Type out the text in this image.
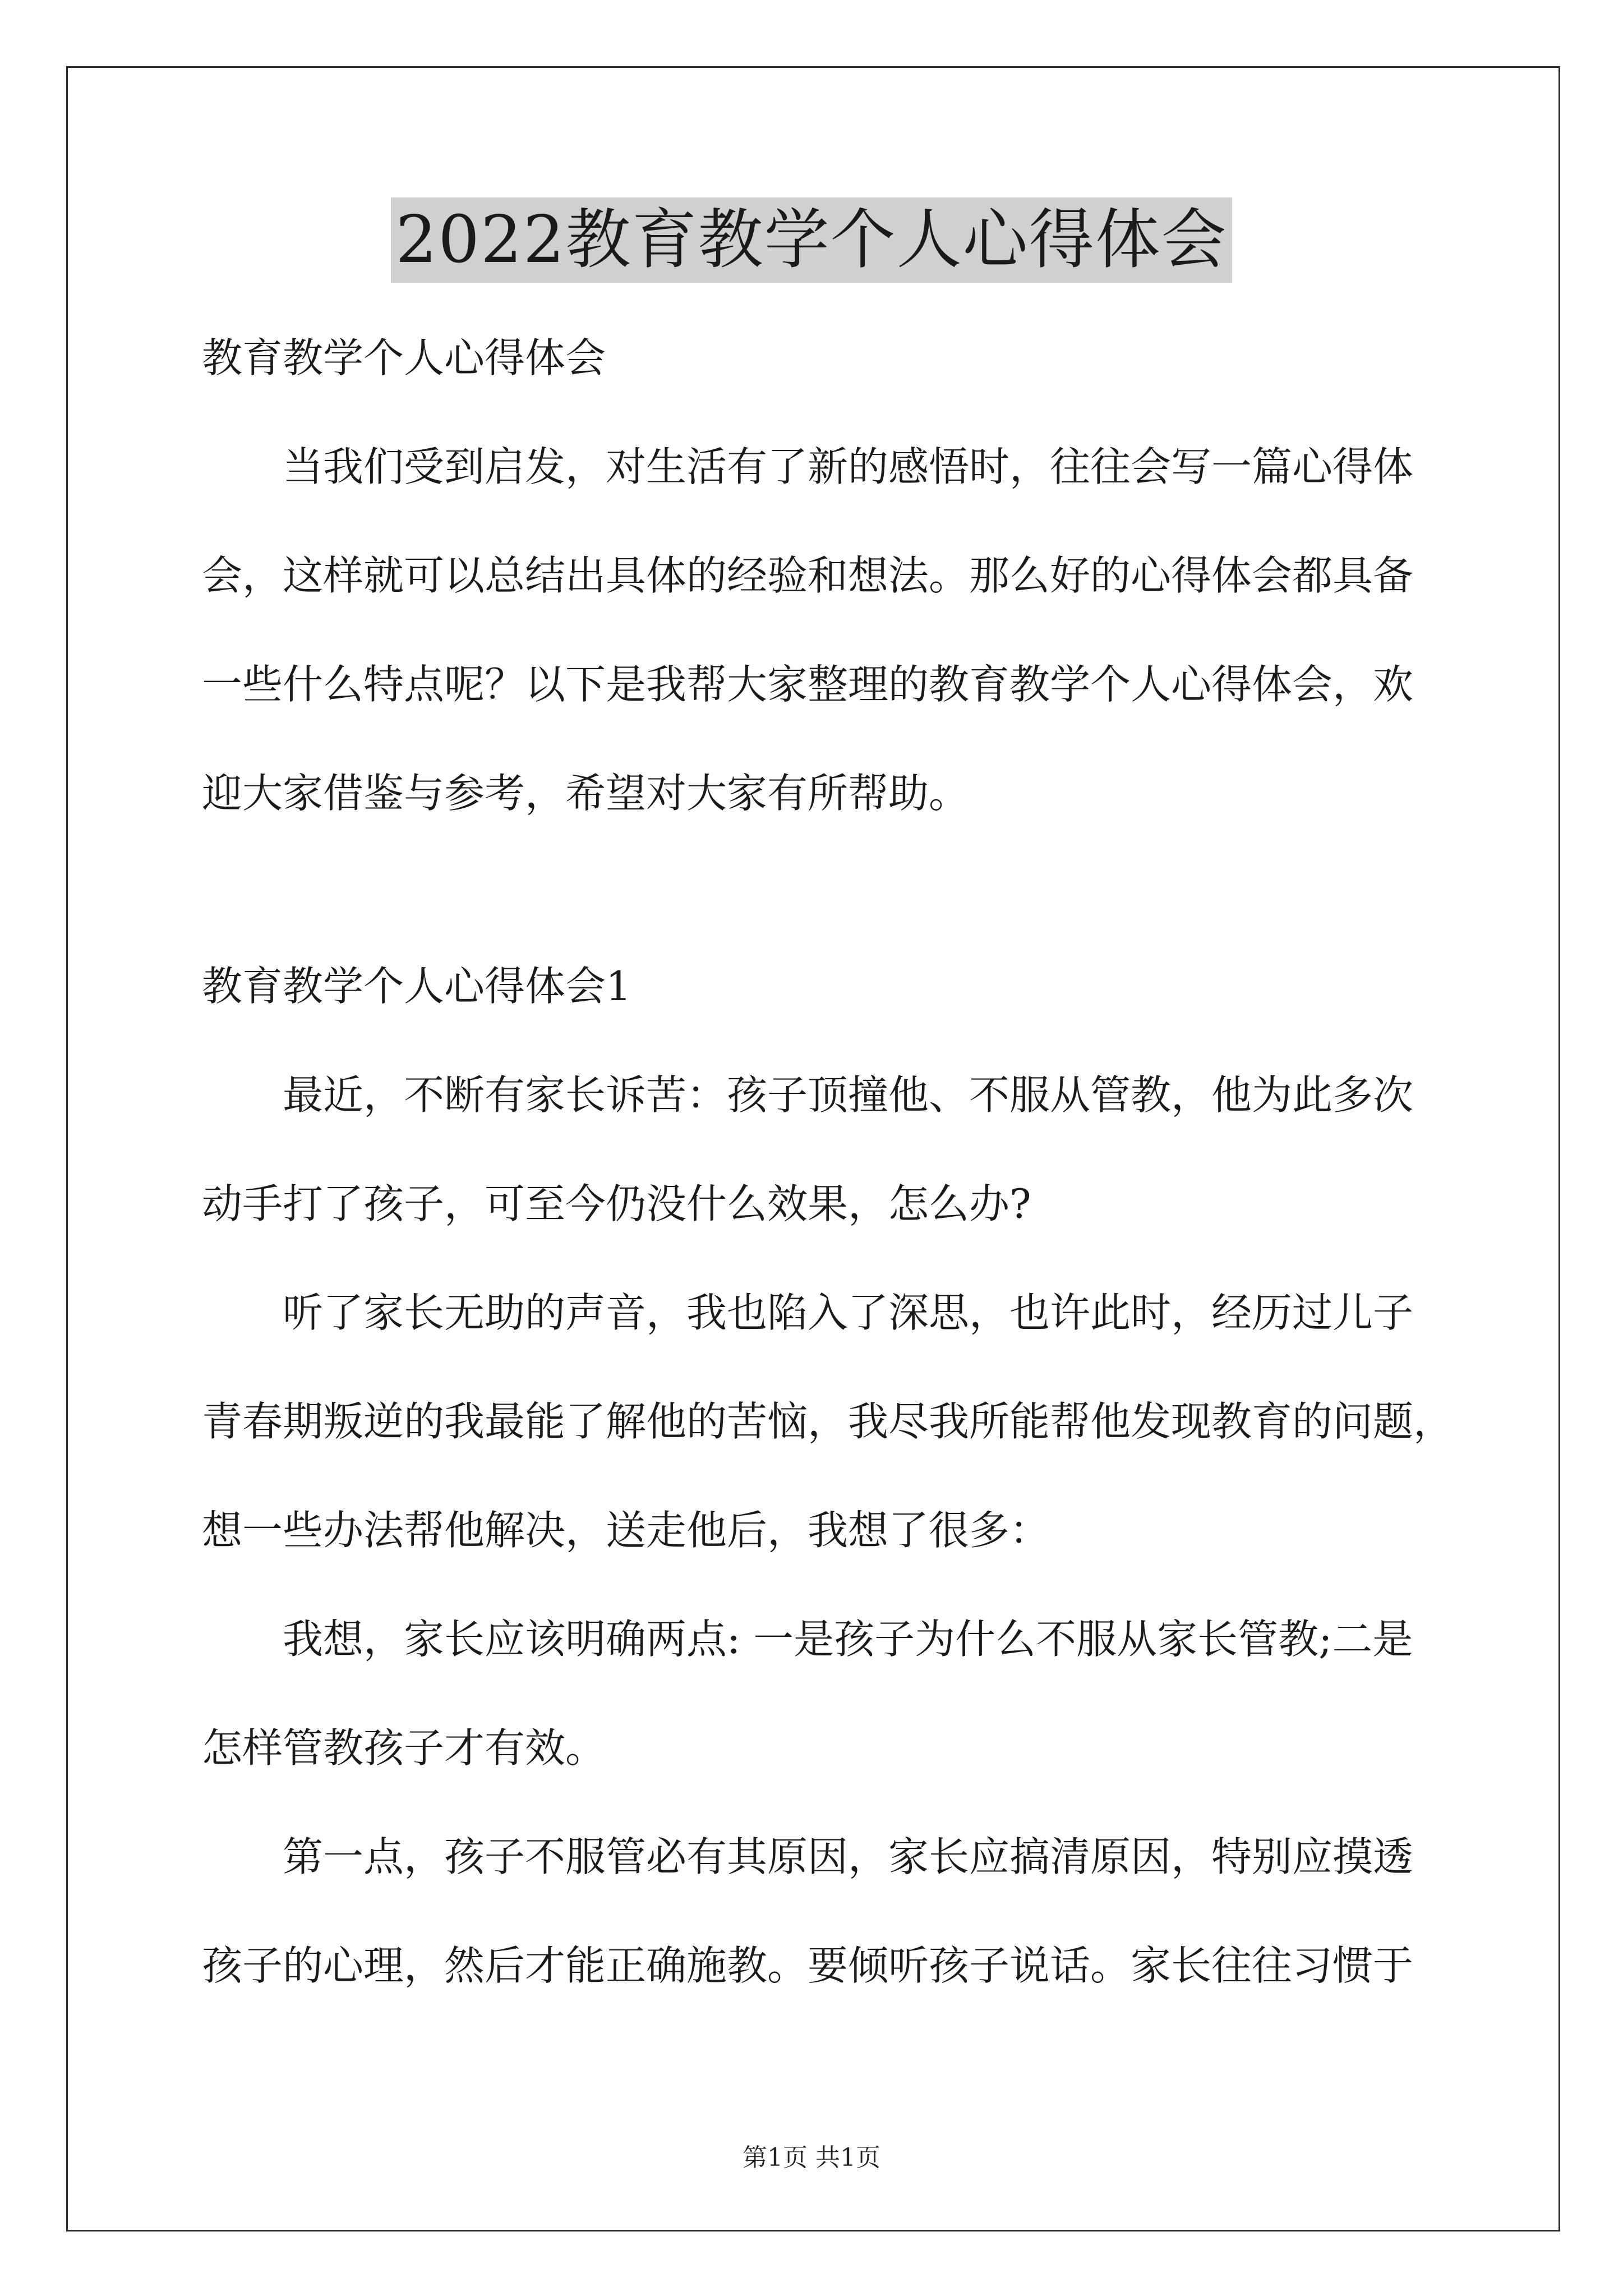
2022教育教学个人心得体会
教育教学个人心得体会
当我们受到启发，对生活有了新的感悟时，往往会写一篇心得体
会，这样就可以总结出具体的经验和想法。那么好的心得体会都具备
一些什么特点呢？以下是我帮大家整理的教育教学个人心得体会，欢
迎大家借鉴与参考，希望对大家有所帮助。
教育教学个人心得体会1
最近，不断有家长诉苦：孩子顶撞他、不服从管教，他为此多次
动手打了孩子，可至今仍没什么效果，怎么办?
听了家长无助的声音，我也陷入了深思，也许此时，经历过儿子
青春期叛逆的我最能了解他的苦恼，我尽我所能帮他发现教育的问题，
想一些办法帮他解决，送走他后，我想了很多：
我想，家长应该明确两点: 一是孩子为什么不服从家长管教;二是
怎样管教孩子才有效。
第一点，孩子不服管必有其原因，家长应搞清原因，特别应摸透
孩子的心理，然后才能正确施教。要倾听孩子说话。家长往往习惯于
第1页 共1页
